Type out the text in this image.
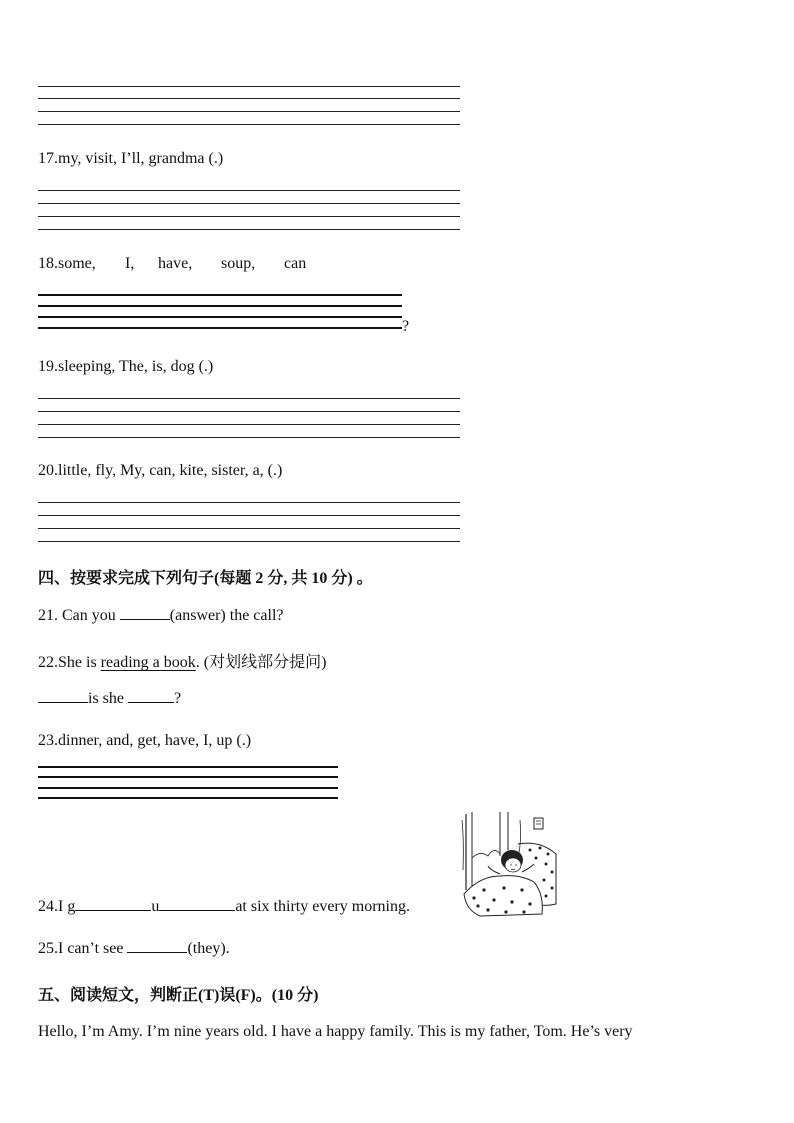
17.my, visit, I’ll, grandma (.)
18.some, I, have, soup, can
?
19.sleeping, The, is, dog (.)
20.little, fly, My, can, kite, sister, a, (.)
四、按要求完成下列句子(每题 2 分, 共 10 分) 。
21. Can you	(answer) the call?
22.She is reading a book. (对划线部分提问)
is she	?
23.dinner, and, get, have, I, up (.)
24.I g	u	at six thirty every morning.
25.I can’t see	(they).
五、阅读短文，判断正(T)误(F)。(10 分)
Hello, I’m Amy. I’m nine years old. I have a happy family. This is my father, Tom. He’s very
